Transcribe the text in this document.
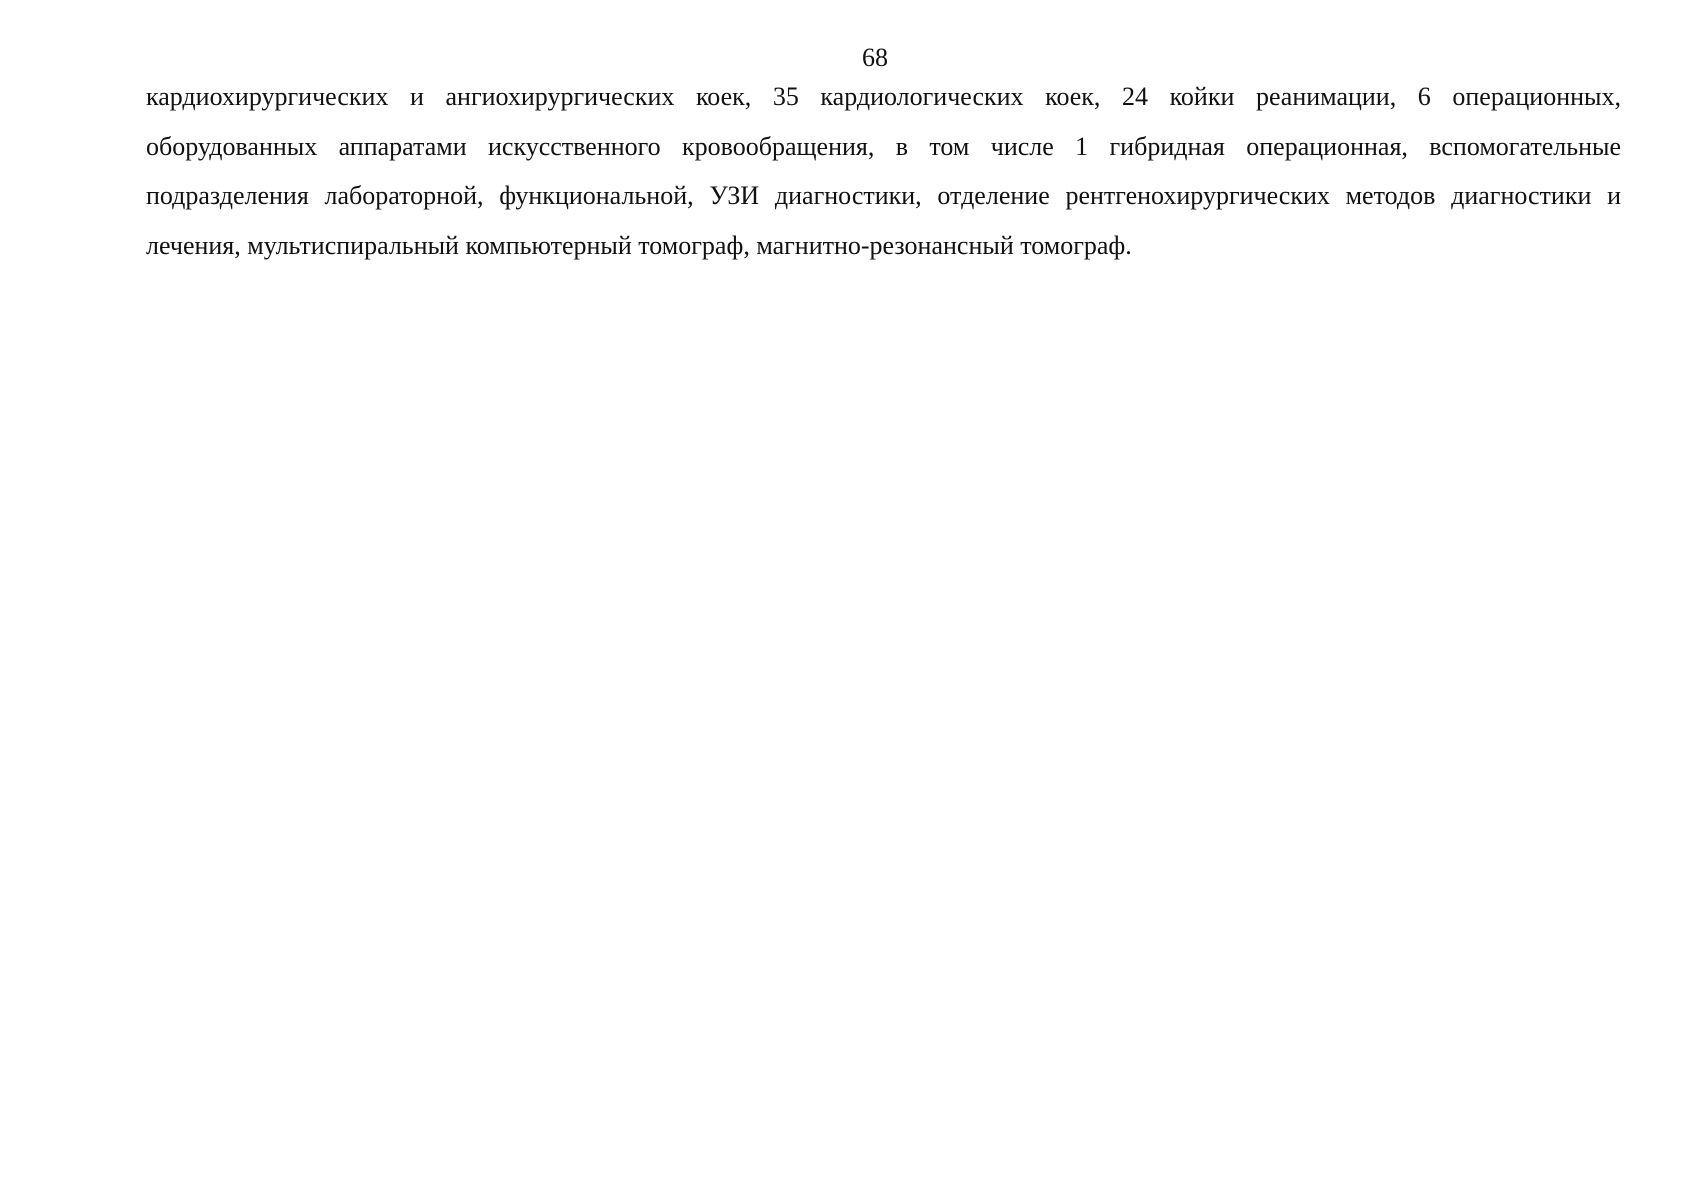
68

кардиохирургических и ангиохирургических коек, 35 кардиологических коек, 24 койки реанимации, 6 операционных, оборудованных аппаратами искусственного кровообращения, в том числе 1 гибридная операционная, вспомогательные подразделения лабораторной, функциональной, УЗИ диагностики, отделение рентгенохирургических методов диагностики и лечения, мультиспиральный компьютерный томограф, магнитно-резонансный томограф.
